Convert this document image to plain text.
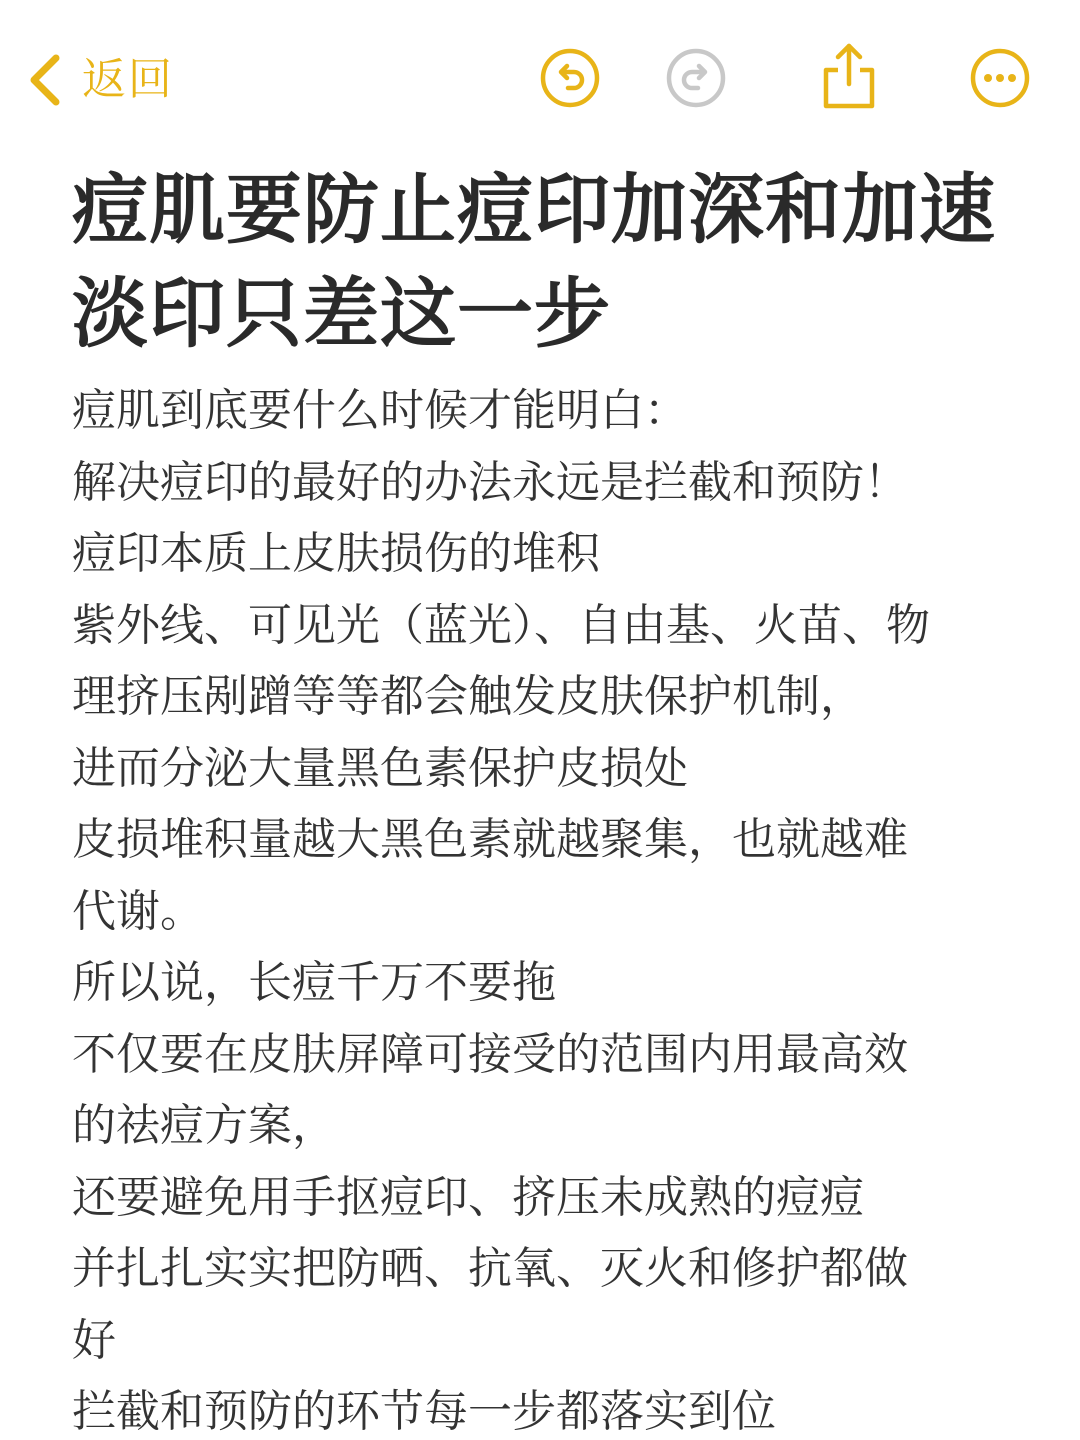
返回
痘肌要防止痘印加深和加速
淡印只差这一步
痘肌到底要什么时候才能明白：
解决痘印的最好的办法永远是拦截和预防！
痘印本质上皮肤损伤的堆积
紫外线、可见光（蓝光）、自由基、火苗、物
理挤压剐蹭等等都会触发皮肤保护机制，
进而分泌大量黑色素保护皮损处
皮损堆积量越大黑色素就越聚集，也就越难
代谢。
所以说，长痘千万不要拖
不仅要在皮肤屏障可接受的范围内用最高效
的祛痘方案，
还要避免用手抠痘印、挤压未成熟的痘痘
并扎扎实实把防晒、抗氧、灭火和修护都做
好
拦截和预防的环节每一步都落实到位
